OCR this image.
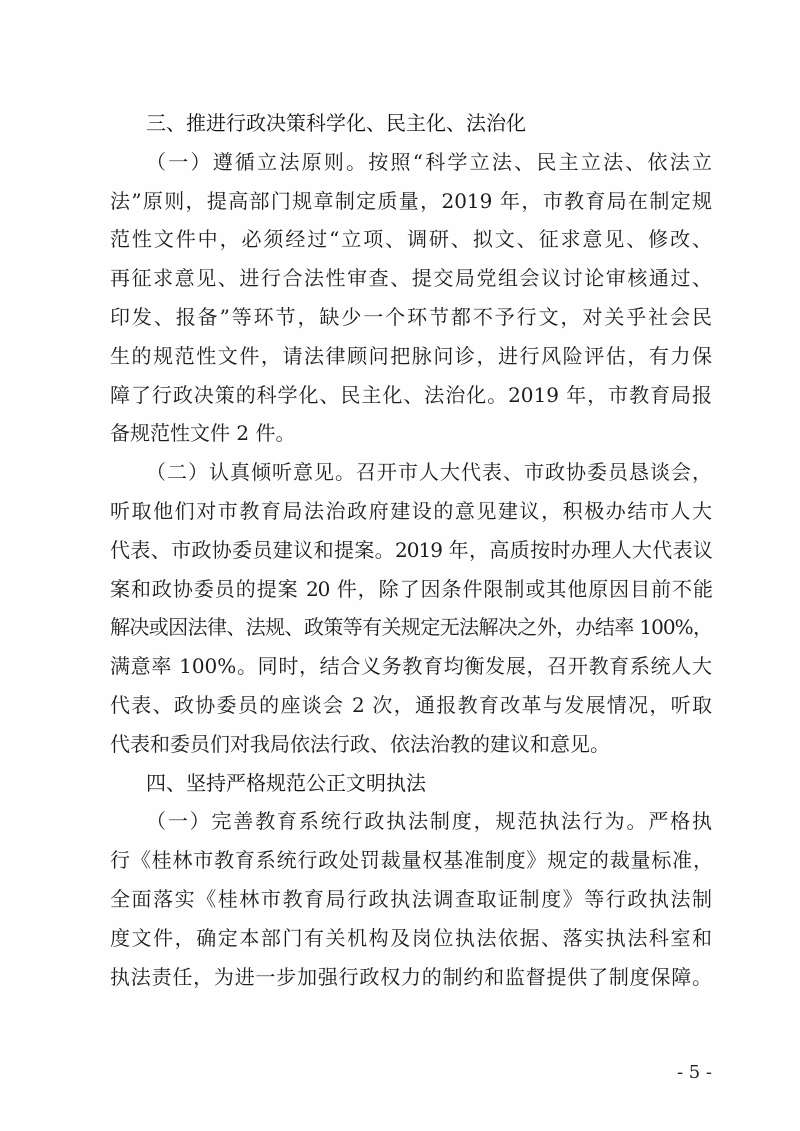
三、推进行政决策科学化、民主化、法治化
（一）遵循立法原则。按照“科学立法、民主立法、依法立
法”原则，提高部门规章制定质量，2019 年，市教育局在制定规
范性文件中，必须经过“立项、调研、拟文、征求意见、修改、
再征求意见、进行合法性审查、提交局党组会议讨论审核通过、
印发、报备”等环节，缺少一个环节都不予行文，对关乎社会民
生的规范性文件，请法律顾问把脉问诊，进行风险评估，有力保
障了行政决策的科学化、民主化、法治化。2019 年，市教育局报
备规范性文件 2 件。
（二）认真倾听意见。召开市人大代表、市政协委员恳谈会，
听取他们对市教育局法治政府建设的意见建议，积极办结市人大
代表、市政协委员建议和提案。2019 年，高质按时办理人大代表议
案和政协委员的提案 20 件，除了因条件限制或其他原因目前不能
解决或因法律、法规、政策等有关规定无法解决之外，办结率 100%，
满意率 100%。同时，结合义务教育均衡发展，召开教育系统人大
代表、政协委员的座谈会 2 次，通报教育改革与发展情况，听取
代表和委员们对我局依法行政、依法治教的建议和意见。
四、坚持严格规范公正文明执法
（一）完善教育系统行政执法制度，规范执法行为。严格执
行《桂林市教育系统行政处罚裁量权基准制度》规定的裁量标准，
全面落实《桂林市教育局行政执法调查取证制度》等行政执法制
度文件，确定本部门有关机构及岗位执法依据、落实执法科室和
执法责任，为进一步加强行政权力的制约和监督提供了制度保障。
- 5 -
